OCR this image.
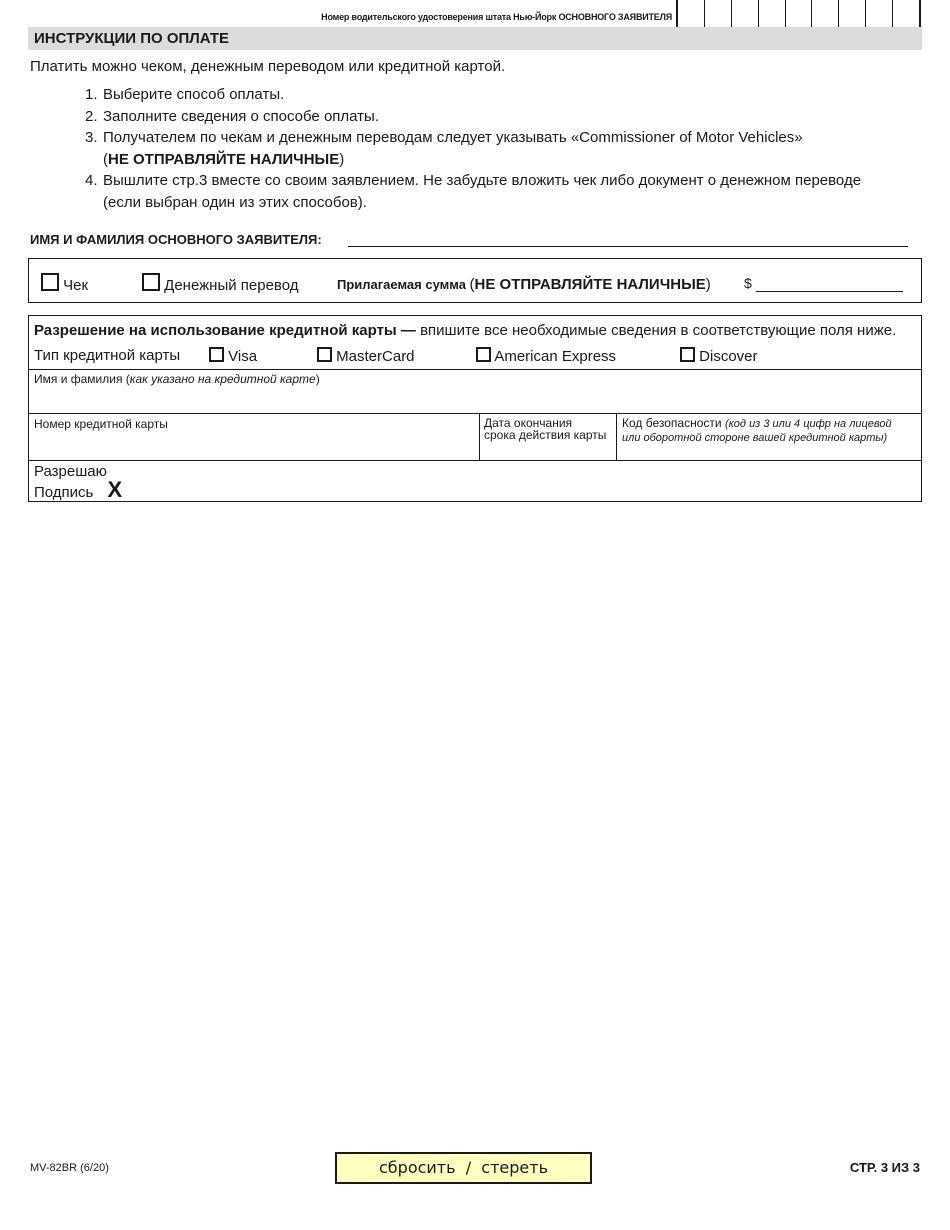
Номер водительского удостоверения штата Нью-Йорк ОСНОВНОГО ЗАЯВИТЕЛЯ
ИНСТРУКЦИИ ПО ОПЛАТЕ
Платить можно чеком, денежным переводом или кредитной картой.
1. Выберите способ оплаты.
2. Заполните сведения о способе оплаты.
3. Получателем по чекам и денежным переводам следует указывать «Commissioner of Motor Vehicles»
(НЕ ОТПРАВЛЯЙТЕ НАЛИЧНЫЕ)
4. Вышлите стр.3 вместе со своим заявлением. Не забудьте вложить чек либо документ о денежном переводе (если выбран один из этих способов).
ИМЯ И ФАМИЛИЯ ОСНОВНОГО ЗАЯВИТЕЛЯ:
Чек	Денежный перевод	Прилагаемая сумма (НЕ ОТПРАВЛЯЙТЕ НАЛИЧНЫЕ) $
Разрешение на использование кредитной карты — впишите все необходимые сведения в соответствующие поля ниже.
Тип кредитной карты	Visa	MasterCard	American Express	Discover
Имя и фамилия (как указано на кредитной карте)
Номер кредитной карты	Дата окончания
срока действия карты
Код безопасности (код из 3 или 4 цифр на лицевой или оборотной стороне вашей кредитной карты)
Разрешаю
Подпись X
MV-82BR (6/20)	сбросить  /  стереть	СТР. 3 ИЗ 3
